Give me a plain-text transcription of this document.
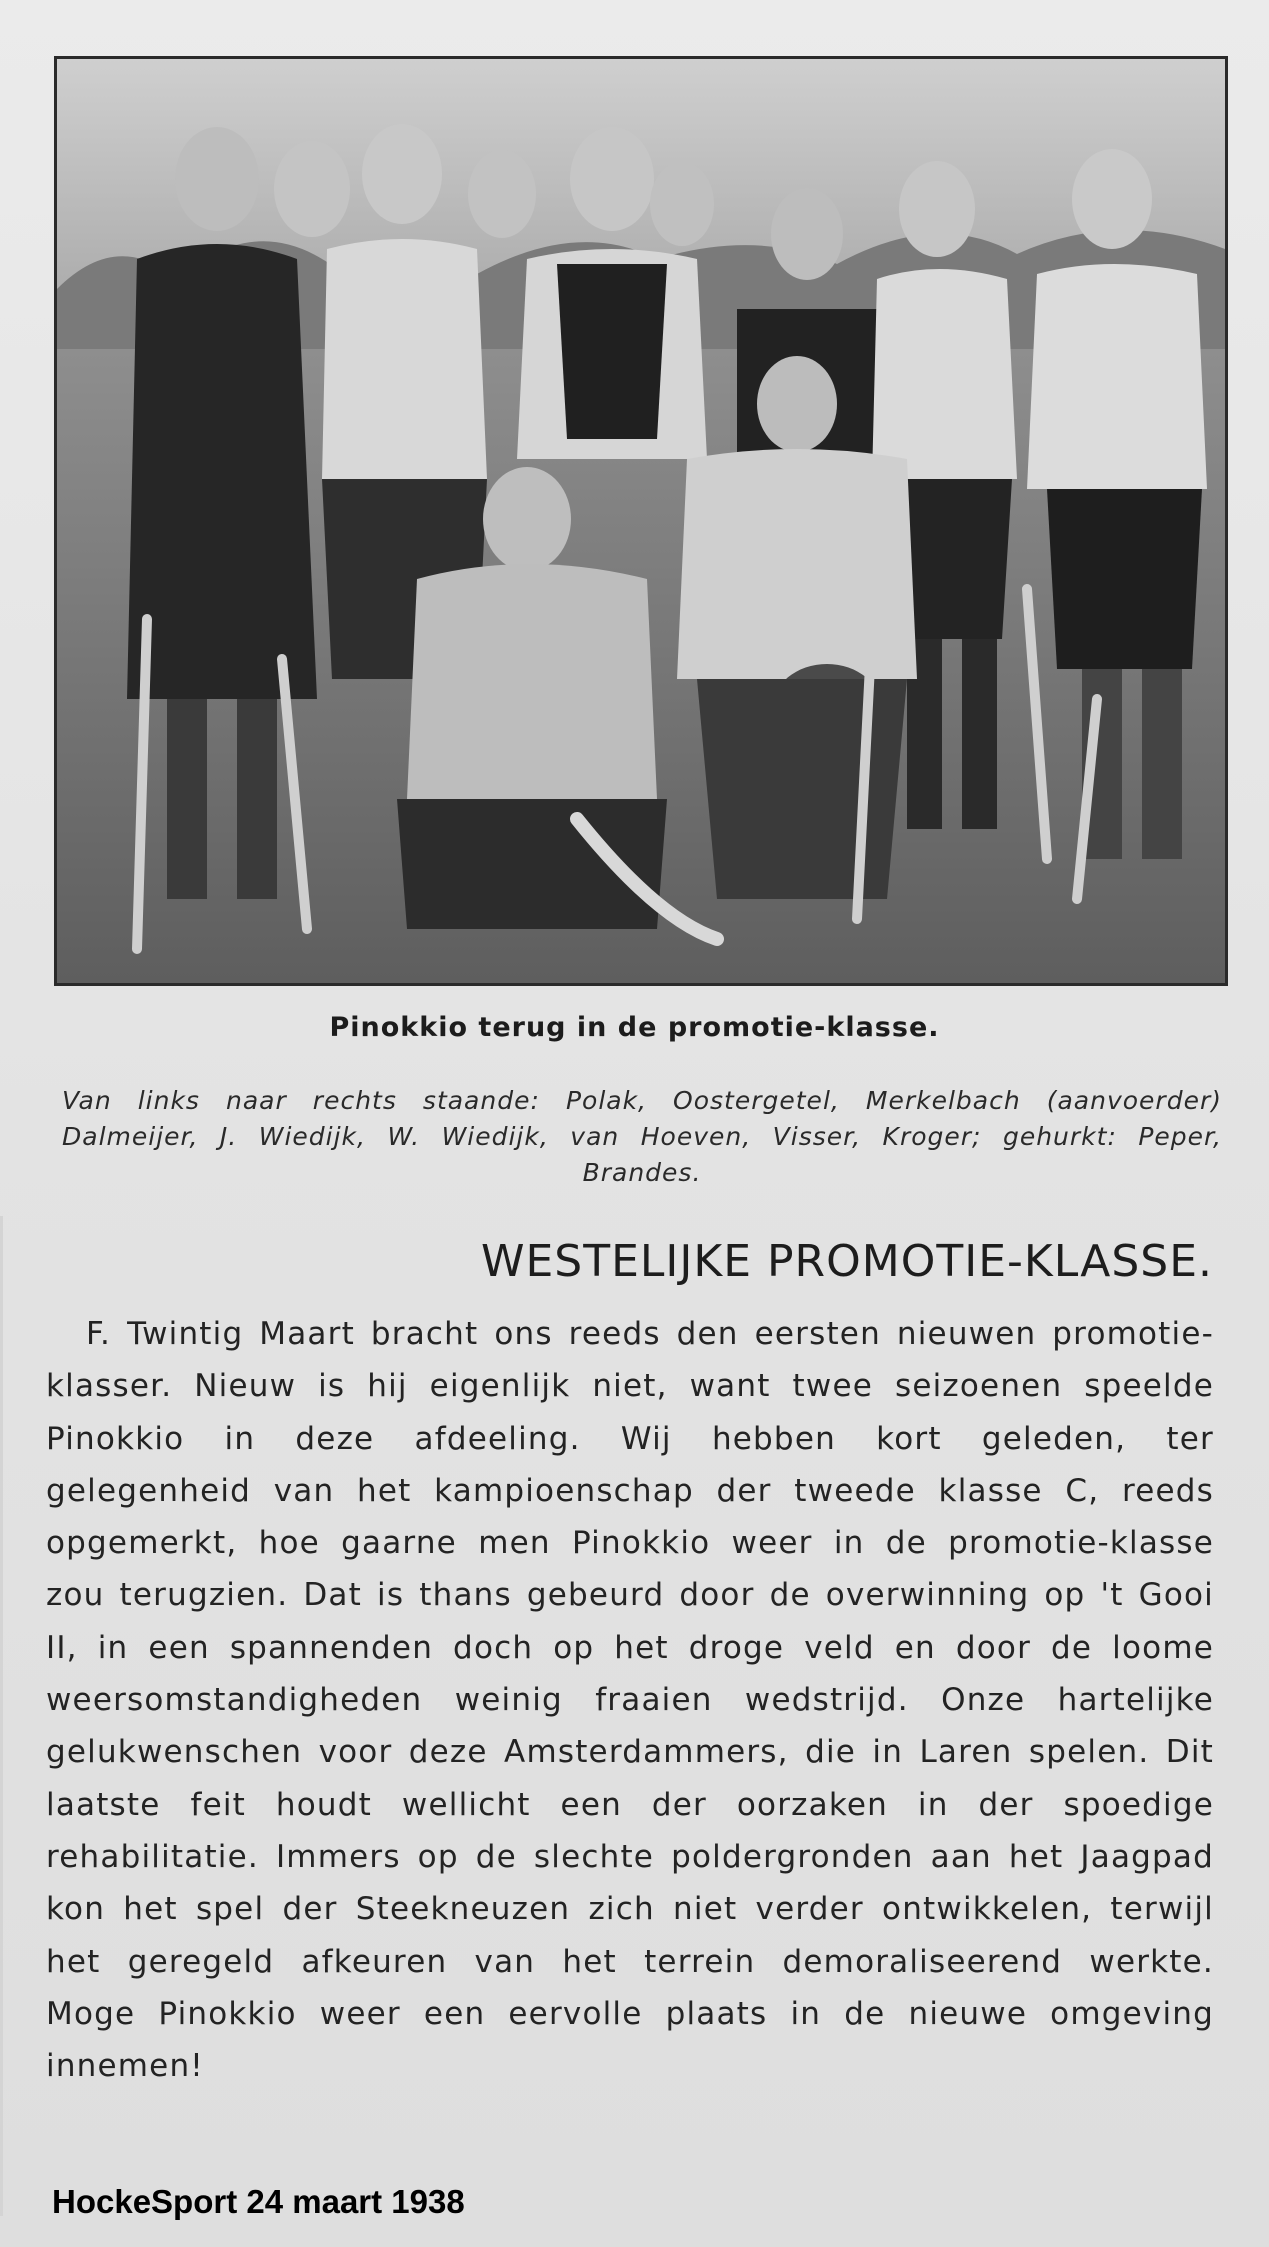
Pinokkio terug in de promotie-klasse.
Van links naar rechts staande: Polak, Oostergetel, Merkelbach (aanvoerder) Dalmeijer, J. Wiedijk, W. Wiedijk, van Hoeven, Visser, Kroger; gehurkt: Peper, Brandes.
WESTELIJKE PROMOTIE-KLASSE.

F. Twintig Maart bracht ons reeds den eersten nieuwen promotie-klasser. Nieuw is hij eigenlijk niet, want twee seizoenen speelde Pinokkio in deze afdeeling. Wij hebben kort geleden, ter gelegenheid van het kampioenschap der tweede klasse C, reeds opgemerkt, hoe gaarne men Pinokkio weer in de promotie-klasse zou terugzien. Dat is thans gebeurd door de overwinning op 't Gooi II, in een spannenden doch op het droge veld en door de loome weersomstandigheden weinig fraaien wedstrijd. Onze hartelijke gelukwenschen voor deze Amsterdammers, die in Laren spelen. Dit laatste feit houdt wellicht een der oorzaken in der spoedige rehabilitatie. Immers op de slechte poldergronden aan het Jaagpad kon het spel der Steekneuzen zich niet verder ontwikkelen, terwijl het geregeld afkeuren van het terrein demoraliseerend werkte. Moge Pinokkio weer een eervolle plaats in de nieuwe omgeving innemen!

HockeSport 24 maart 1938
